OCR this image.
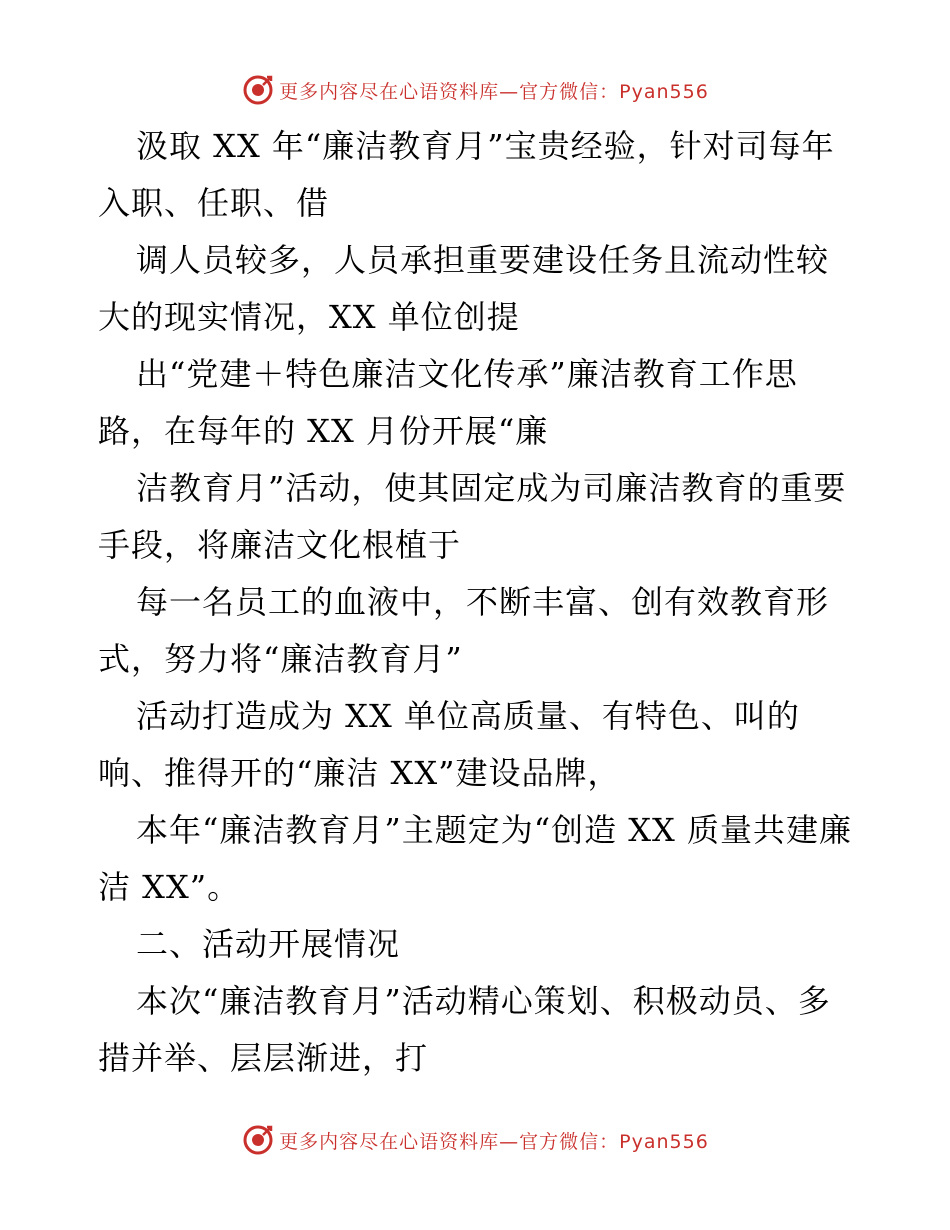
更多内容尽在心语资料库—官方微信：Pyan556

汲取 XX 年“廉洁教育月”宝贵经验，针对司每年入职、任职、借

调人员较多，人员承担重要建设任务且流动性较大的现实情况，XX 单位创提

出“党建＋特色廉洁文化传承”廉洁教育工作思路，在每年的 XX 月份开展“廉

洁教育月”活动，使其固定成为司廉洁教育的重要手段，将廉洁文化根植于

每一名员工的血液中，不断丰富、创有效教育形式，努力将“廉洁教育月”

活动打造成为 XX 单位高质量、有特色、叫的响、推得开的“廉洁 XX”建设品牌，

本年“廉洁教育月”主题定为“创造 XX 质量共建廉洁 XX”。

二、活动开展情况

本次“廉洁教育月”活动精心策划、积极动员、多措并举、层层渐进，打

更多内容尽在心语资料库—官方微信：Pyan556
